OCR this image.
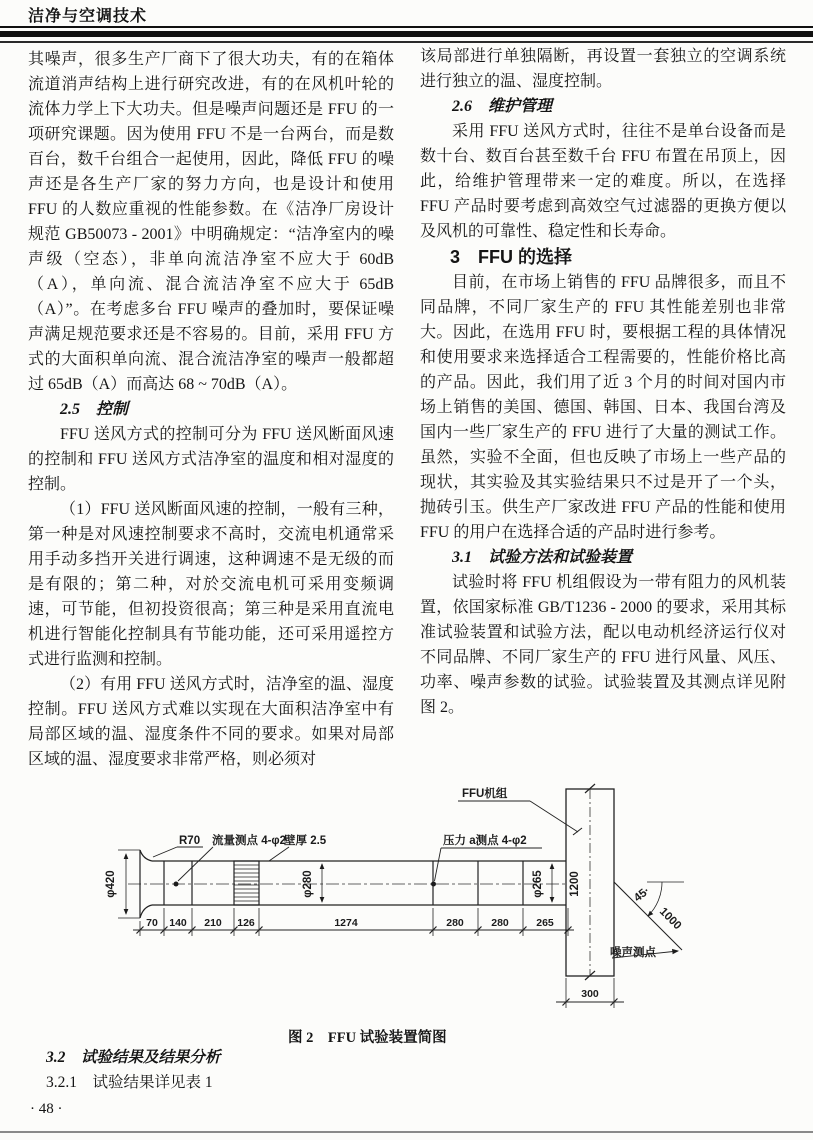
洁净与空调技术

其噪声，很多生产厂商下了很大功夫，有的在箱体流道消声结构上进行研究改进，有的在风机叶轮的流体力学上下大功夫。但是噪声问题还是 FFU 的一项研究课题。因为使用 FFU 不是一台两台，而是数百台，数千台组合一起使用，因此，降低 FFU 的噪声还是各生产厂家的努力方向，也是设计和使用 FFU 的人数应重视的性能参数。在《洁净厂房设计规范 GB50073 - 2001》中明确规定：“洁净室内的噪声级（空态），非单向流洁净室不应大于 60dB（A），单向流、混合流洁净室不应大于 65dB（A）”。在考虑多台 FFU 噪声的叠加时，要保证噪声满足规范要求还是不容易的。目前，采用 FFU 方式的大面积单向流、混合流洁净室的噪声一般都超过 65dB（A）而高达 68 ~ 70dB（A）。

2.5　控制

FFU 送风方式的控制可分为 FFU 送风断面风速的控制和 FFU 送风方式洁净室的温度和相对湿度的控制。

（1）FFU 送风断面风速的控制，一般有三种，第一种是对风速控制要求不高时，交流电机通常采用手动多挡开关进行调速，这种调速不是无级的而是有限的；第二种，对於交流电机可采用变频调速，可节能，但初投资很高；第三种是采用直流电机进行智能化控制具有节能功能，还可采用遥控方式进行监测和控制。

（2）有用 FFU 送风方式时，洁净室的温、湿度控制。FFU 送风方式难以实现在大面积洁净室中有局部区域的温、湿度条件不同的要求。如果对局部区域的温、湿度要求非常严格，则必须对

该局部进行单独隔断，再设置一套独立的空调系统进行独立的温、湿度控制。

2.6　维护管理

采用 FFU 送风方式时，往往不是单台设备而是数十台、数百台甚至数千台 FFU 布置在吊顶上，因此，给维护管理带来一定的难度。所以，在选择 FFU 产品时要考虑到高效空气过滤器的更换方便以及风机的可靠性、稳定性和长寿命。

3　FFU 的选择

目前，在市场上销售的 FFU 品牌很多，而且不同品牌，不同厂家生产的 FFU 其性能差别也非常大。因此，在选用 FFU 时，要根据工程的具体情况和使用要求来选择适合工程需要的，性能价格比高的产品。因此，我们用了近 3 个月的时间对国内市场上销售的美国、德国、韩国、日本、我国台湾及国内一些厂家生产的 FFU 进行了大量的测试工作。虽然，实验不全面，但也反映了市场上一些产品的现状，其实验及其实验结果只不过是开了一个头，抛砖引玉。供生产厂家改进 FFU 产品的性能和使用 FFU 的用户在选择合适的产品时进行参考。

3.1　试验方法和试验装置

试验时将 FFU 机组假设为一带有阻力的风机装置，依国家标准 GB/T1236 - 2000 的要求，采用其标准试验装置和试验方法，配以电动机经济运行仪对不同品牌、不同厂家生产的 FFU 进行风量、风压、功率、噪声参数的试验。试验装置及其测点详见附图 2。

φ420
R70 流量测点 4-φ2
壁厚 2.5
φ280
压力 a测点 4-φ2
φ265
70 140 210 126	1274	280	280	265
1200
300
FFU机组
45·
1000
噪声测点
图 2　FFU 试验装置简图
3.2　试验结果及结果分析
3.2.1　试验结果详见表 1
· 48 ·
